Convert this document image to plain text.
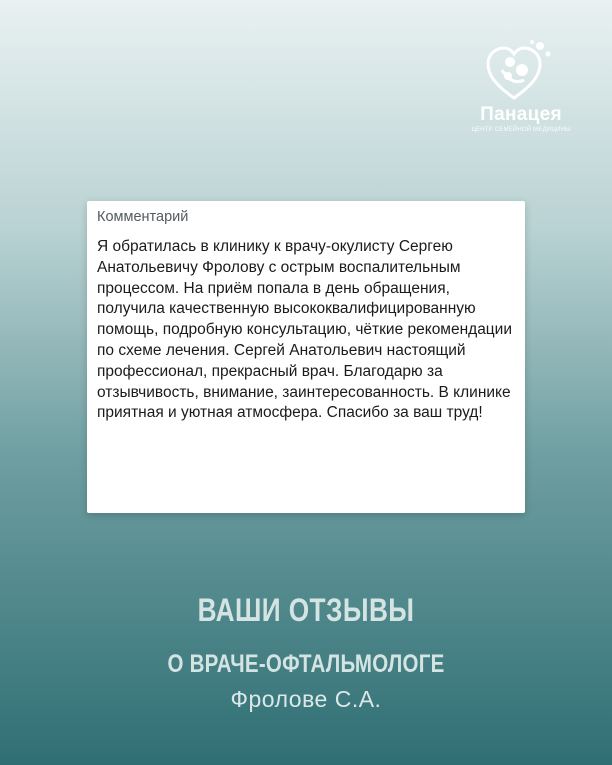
Панацея
ЦЕНТР СЕМЕЙНОЙ МЕДИЦИНЫ

Комментарий

Я обратилась в клинику к врачу-окулисту Сергею Анатольевичу Фролову с острым воспалительным процессом. На приём попала в день обращения, получила качественную высококвалифицированную помощь, подробную консультацию, чёткие рекомендации по схеме лечения. Сергей Анатольевич настоящий профессионал, прекрасный врач. Благодарю за отзывчивость, внимание, заинтересованность. В клинике приятная и уютная атмосфера. Спасибо за ваш труд!

ВАШИ ОТЗЫВЫ
О ВРАЧЕ-ОФТАЛЬМОЛОГЕ
Фролове С.А.
